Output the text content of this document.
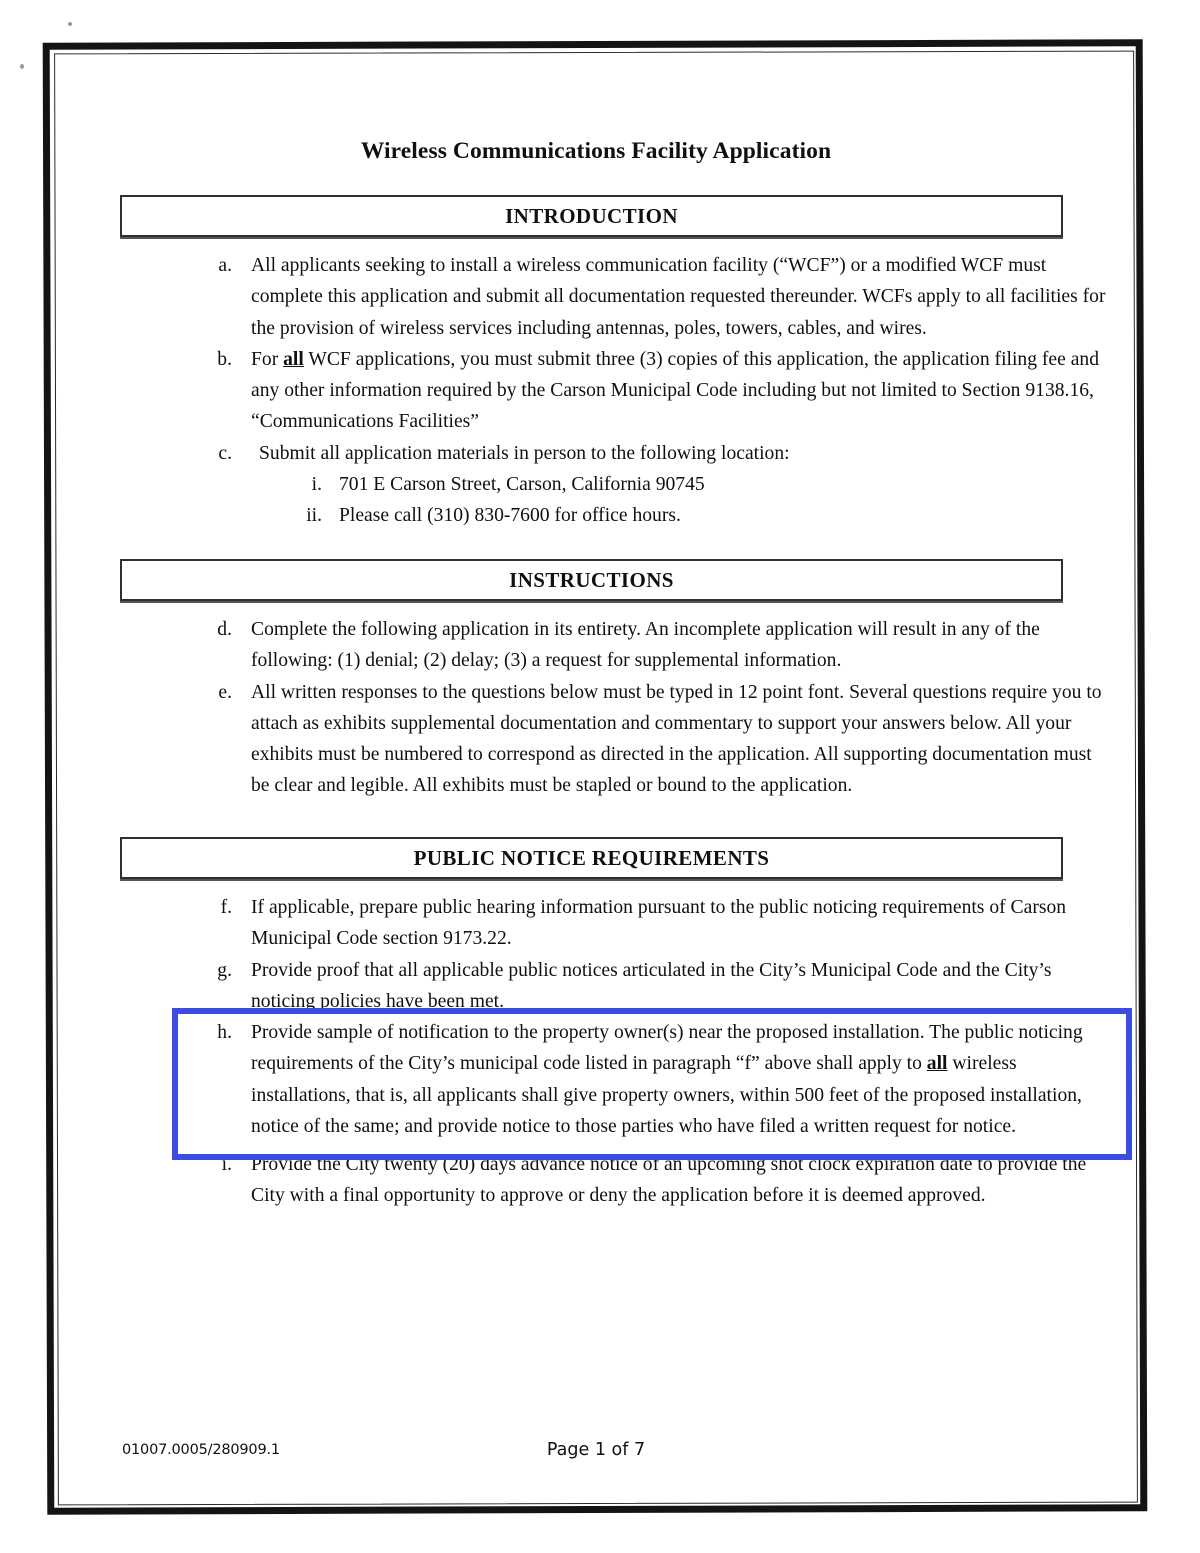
Wireless Communications Facility Application
INTRODUCTION
a. All applicants seeking to install a wireless communication facility (“WCF”) or a modified WCF must complete this application and submit all documentation requested thereunder. WCFs apply to all facilities for the provision of wireless services including antennas, poles, towers, cables, and wires.
b. For all WCF applications, you must submit three (3) copies of this application, the application filing fee and any other information required by the Carson Municipal Code including but not limited to Section 9138.16, “Communications Facilities”
c. Submit all application materials in person to the following location:
i. 701 E Carson Street, Carson, California 90745
ii. Please call (310) 830-7600 for office hours.
INSTRUCTIONS
d. Complete the following application in its entirety. An incomplete application will result in any of the following: (1) denial; (2) delay; (3) a request for supplemental information.
e. All written responses to the questions below must be typed in 12 point font. Several questions require you to attach as exhibits supplemental documentation and commentary to support your answers below. All your exhibits must be numbered to correspond as directed in the application. All supporting documentation must be clear and legible. All exhibits must be stapled or bound to the application.
PUBLIC NOTICE REQUIREMENTS
f. If applicable, prepare public hearing information pursuant to the public noticing requirements of Carson Municipal Code section 9173.22.
g. Provide proof that all applicable public notices articulated in the City’s Municipal Code and the City’s noticing policies have been met.
h. Provide sample of notification to the property owner(s) near the proposed installation. The public noticing requirements of the City’s municipal code listed in paragraph “f” above shall apply to all wireless installations, that is, all applicants shall give property owners, within 500 feet of the proposed installation, notice of the same; and provide notice to those parties who have filed a written request for notice.
i. Provide the City twenty (20) days advance notice of an upcoming shot clock expiration date to provide the City with a final opportunity to approve or deny the application before it is deemed approved.
01007.0005/280909.1	Page 1 of 7
